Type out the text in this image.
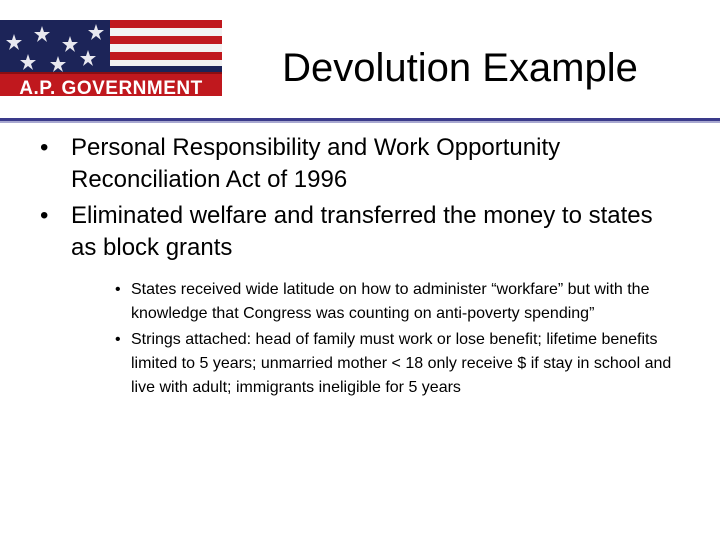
A.P. GOVERNMENT	Devolution Example
• Personal Responsibility and Work Opportunity Reconciliation Act of 1996
• Eliminated welfare and transferred the money to states as block grants
• States received wide latitude on how to administer “workfare” but with the knowledge that Congress was counting on anti-poverty spending”
• Strings attached: head of family must work or lose benefit; lifetime benefits limited to 5 years; unmarried mother < 18 only receive $ if stay in school and live with adult; immigrants ineligible for 5 years
